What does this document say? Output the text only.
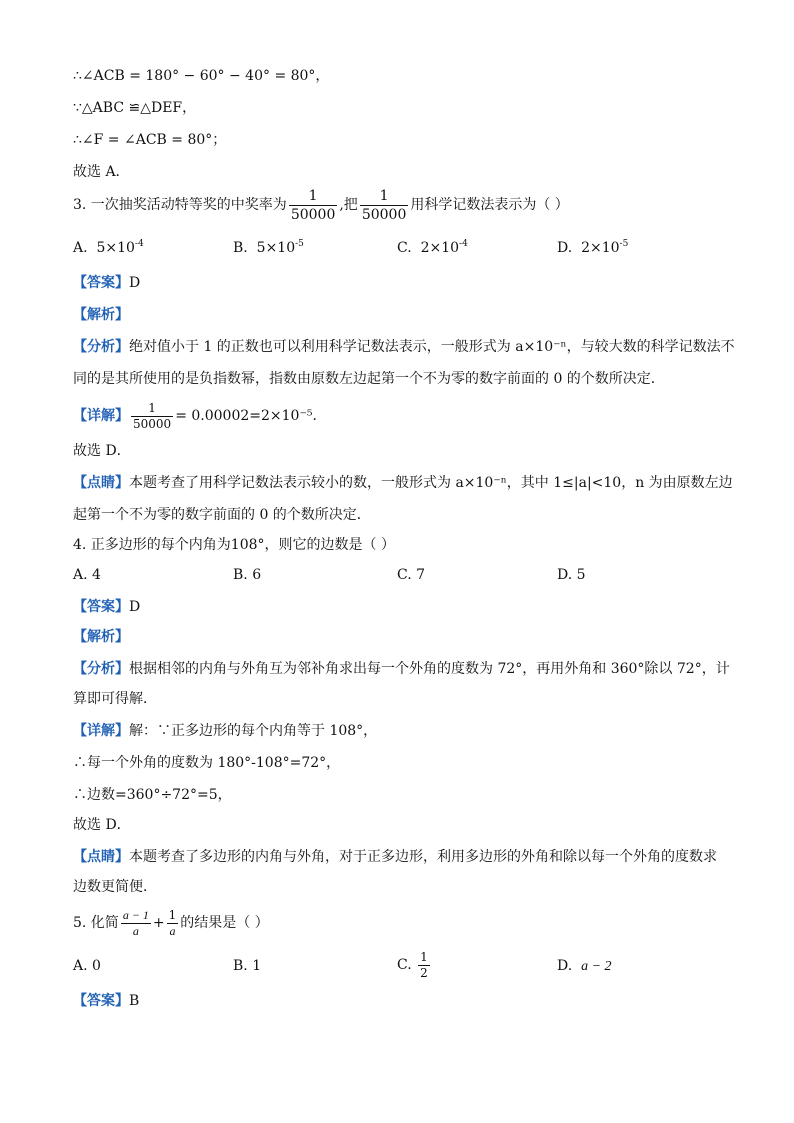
∴∠ACB = 180° − 60° − 40° = 80°，
∵△ABC ≌△DEF，
∴∠F = ∠ACB = 80°；
故选 A．
3. 一次抽奖活动特等奖的中奖率为 $\frac{1}{50000}$ ,把 $\frac{1}{50000}$ 用科学记数法表示为（ ）
A. $5\times 10^{-4}$	B. $5\times 10^{-5}$	C. $2\times 10^{-4}$	D. $2\times 10^{-5}$
【答案】D
【解析】
【分析】绝对值小于 1 的正数也可以利用科学记数法表示，一般形式为 a×10⁻ⁿ，与较大数的科学记数法不
同的是其所使用的是负指数幂，指数由原数左边起第一个不为零的数字前面的 0 的个数所决定．
【详解】 $\frac{1}{50000} = 0.00002=2\times 10^{-5}$．
故选 D．
【点睛】本题考查了用科学记数法表示较小的数，一般形式为 a×10⁻ⁿ，其中 1≤|a|<10，n 为由原数左边
起第一个不为零的数字前面的 0 的个数所决定．
4. 正多边形的每个内角为108°，则它的边数是（ ）
A. 4	B. 6	C. 7	D. 5
【答案】D
【解析】
【分析】根据相邻的内角与外角互为邻补角求出每一个外角的度数为 72°，再用外角和 360°除以 72°，计
算即可得解．
【详解】解：∵正多边形的每个内角等于 108°，
∴每一个外角的度数为 180°-108°=72°，
∴边数=360°÷72°=5，
故选 D．
【点睛】本题考查了多边形的内角与外角，对于正多边形，利用多边形的外角和除以每一个外角的度数求
边数更简便．
5. 化简 $\frac{a - 1}{a} + \frac{1}{a}$ 的结果是（ ）
A. 0	B. 1	C. $\frac{1}{2}$	D. a − 2
【答案】B
